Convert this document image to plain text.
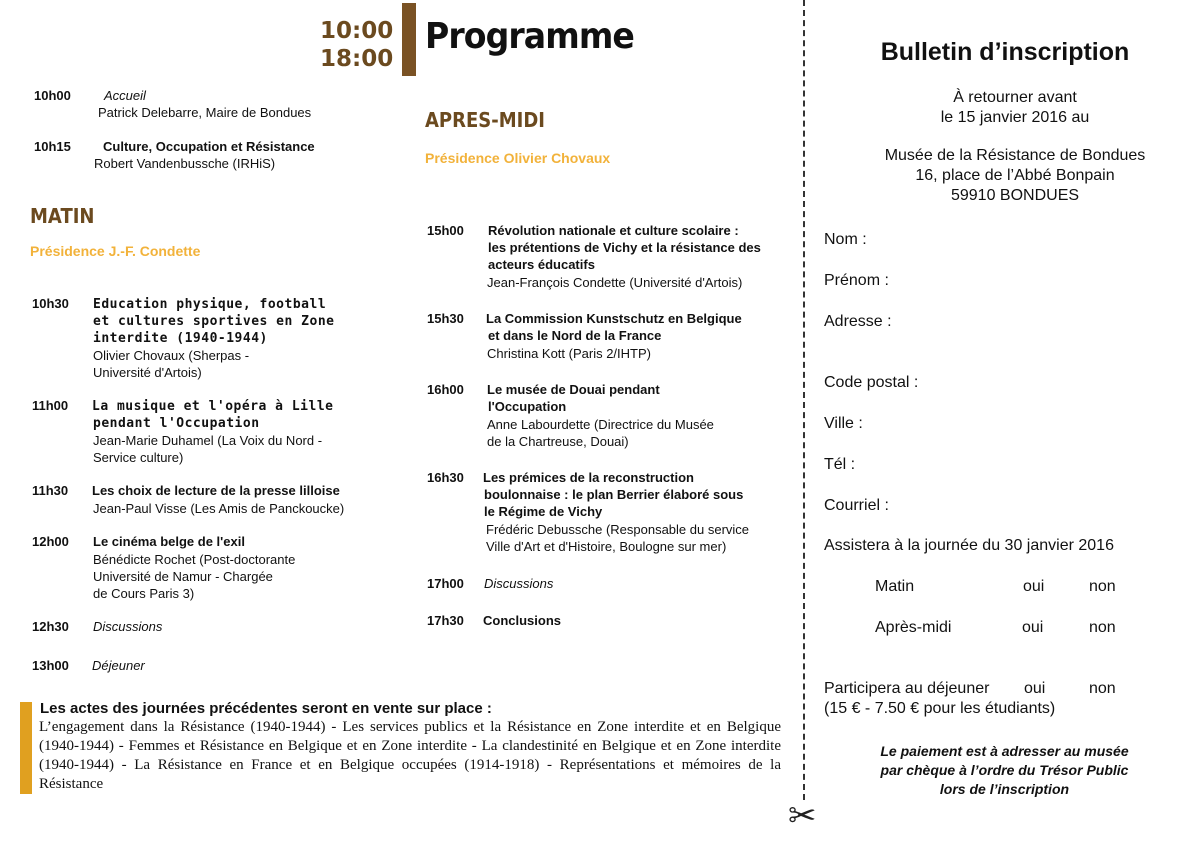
10:00
18:00
Programme
10h00	Accueil
Patrick Delebarre, Maire de Bondues
10h15 Culture, Occupation et Résistance
Robert Vandenbussche (IRHiS)
MATIN
Présidence J.-F. Condette
10h30 Education physique, football
et cultures sportives en Zone
interdite (1940-1944)
Olivier Chovaux (Sherpas -
Université d'Artois)
11h00 La musique et l'opéra à Lille
pendant l'Occupation
Jean-Marie Duhamel (La Voix du Nord -
Service culture)
11h30 Les choix de lecture de la presse lilloise
Jean-Paul Visse (Les Amis de Panckoucke)
12h00 Le cinéma belge de l'exil
Bénédicte Rochet (Post-doctorante
Université de Namur - Chargée
de Cours Paris 3)
12h30 Discussions
13h00 Déjeuner
APRES-MIDI
Présidence Olivier Chovaux
15h00 Révolution nationale et culture scolaire :
les prétentions de Vichy et la résistance des
acteurs éducatifs
Jean-François Condette (Université d'Artois)
15h30 La Commission Kunstschutz en Belgique
et dans le Nord de la France
Christina Kott (Paris 2/IHTP)
16h00 Le musée de Douai pendant
l'Occupation
Anne Labourdette (Directrice du Musée
de la Chartreuse, Douai)
16h30 Les prémices de la reconstruction
boulonnaise : le plan Berrier élaboré sous
le Régime de Vichy
Frédéric Debussche (Responsable du service
Ville d'Art et d'Histoire, Boulogne sur mer)
17h00 Discussions
17h30 Conclusions
Les actes des journées précédentes seront en vente sur place :
L’engagement dans la Résistance (1940-1944) - Les services publics et la Résistance en Zone interdite et en Belgique (1940-1944) - Femmes et Résistance en Belgique et en Zone interdite - La clandestinité en Belgique et en Zone interdite (1940-1944) - La Résistance en France et en Belgique occupées (1914-1918) - Représentations et mémoires de la Résistance
✂
Bulletin d’inscription
À retourner avant
le 15 janvier 2016 au
Musée de la Résistance de Bondues
16, place de l’Abbé Bonpain
59910 BONDUES
Nom :
Prénom :
Adresse :
Code postal :
Ville :
Tél :
Courriel :
Assistera à la journée du 30 janvier 2016
Matin	oui	non
Après-midi	oui	non
Participera au déjeuner oui	non
(15 € - 7.50 € pour les étudiants)
Le paiement est à adresser au musée
par chèque à l’ordre du Trésor Public
lors de l’inscription
